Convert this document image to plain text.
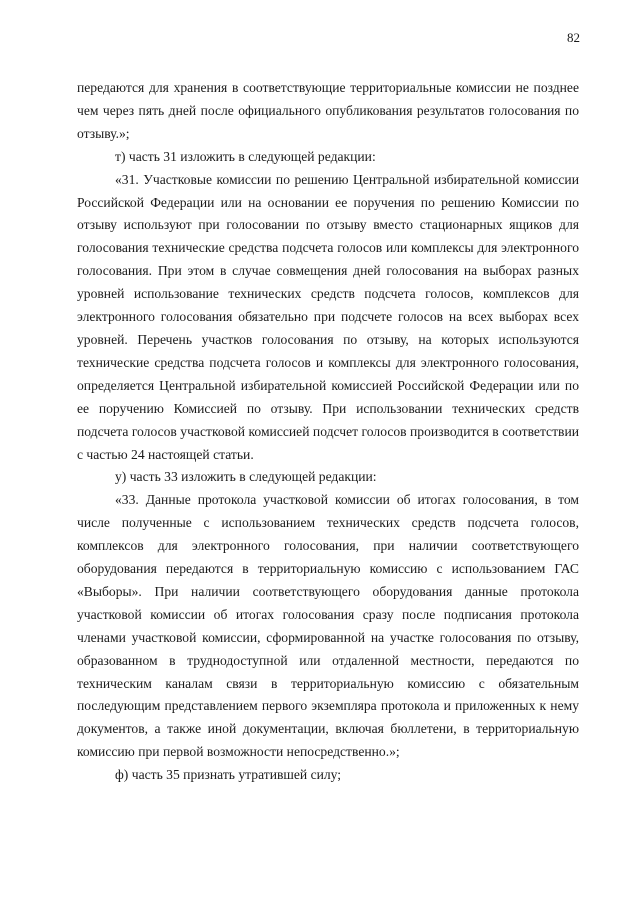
82

передаются для хранения в соответствующие территориальные комиссии не позднее чем через пять дней после официального опубликования результатов голосования по отзыву.»;

т) часть 31 изложить в следующей редакции:

«31. Участковые комиссии по решению Центральной избирательной комиссии Российской Федерации или на основании ее поручения по решению Комиссии по отзыву используют при голосовании по отзыву вместо стационарных ящиков для голосования технические средства подсчета голосов или комплексы для электронного голосования. При этом в случае совмещения дней голосования на выборах разных уровней использование технических средств подсчета голосов, комплексов для электронного голосования обязательно при подсчете голосов на всех выборах всех уровней. Перечень участков голосования по отзыву, на которых используются технические средства подсчета голосов и комплексы для электронного голосования, определяется Центральной избирательной комиссией Российской Федерации или по ее поручению Комиссией по отзыву. При использовании технических средств подсчета голосов участковой комиссией подсчет голосов производится в соответствии с частью 24 настоящей статьи.

у) часть 33 изложить в следующей редакции:

«33. Данные протокола участковой комиссии об итогах голосования, в том числе полученные с использованием технических средств подсчета голосов, комплексов для электронного голосования, при наличии соответствующего оборудования передаются в территориальную комиссию с использованием ГАС «Выборы». При наличии соответствующего оборудования данные протокола участковой комиссии об итогах голосования сразу после подписания протокола членами участковой комиссии, сформированной на участке голосования по отзыву, образованном в труднодоступной или отдаленной местности, передаются по техническим каналам связи в территориальную комиссию с обязательным последующим представлением первого экземпляра протокола и приложенных к нему документов, а также иной документации, включая бюллетени, в территориальную комиссию при первой возможности непосредственно.»;

ф) часть 35 признать утратившей силу;
